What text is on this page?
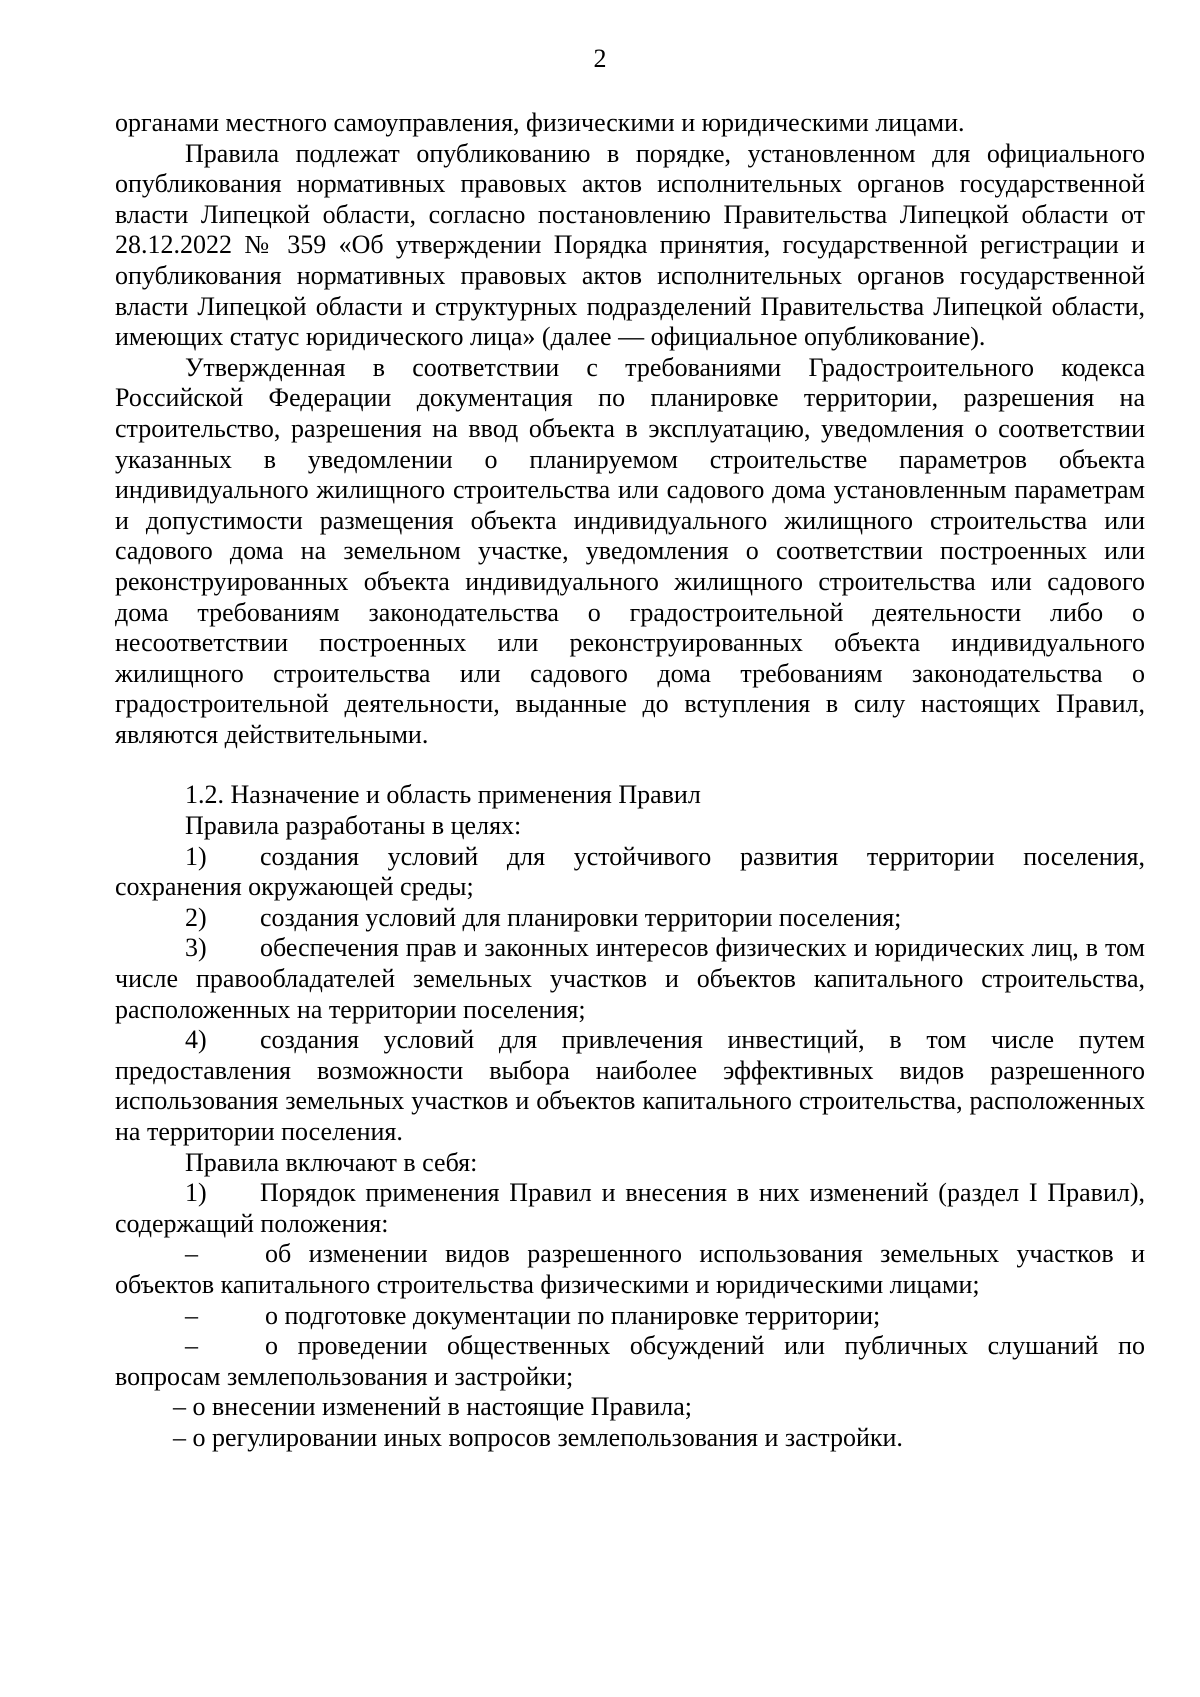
2

органами местного самоуправления, физическими и юридическими лицами.

Правила подлежат опубликованию в порядке, установленном для официального опубликования нормативных правовых актов исполнительных органов государственной власти Липецкой области, согласно постановлению Правительства Липецкой области от 28.12.2022 № 359 «Об утверждении Порядка принятия, государственной регистрации и опубликования нормативных правовых актов исполнительных органов государственной власти Липецкой области и структурных подразделений Правительства Липецкой области, имеющих статус юридического лица» (далее — официальное опубликование).

Утвержденная в соответствии с требованиями Градостроительного кодекса Российской Федерации документация по планировке территории, разрешения на строительство, разрешения на ввод объекта в эксплуатацию, уведомления о соответствии указанных в уведомлении о планируемом строительстве параметров объекта индивидуального жилищного строительства или садового дома установленным параметрам и допустимости размещения объекта индивидуального жилищного строительства или садового дома на земельном участке, уведомления о соответствии построенных или реконструированных объекта индивидуального жилищного строительства или садового дома требованиям законодательства о градостроительной деятельности либо о несоответствии построенных или реконструированных объекта индивидуального жилищного строительства или садового дома требованиям законодательства о градостроительной деятельности, выданные до вступления в силу настоящих Правил, являются действительными.

1.2. Назначение и область применения Правил

Правила разработаны в целях:

1) создания условий для устойчивого развития территории поселения, сохранения окружающей среды;

2) создания условий для планировки территории поселения;

3) обеспечения прав и законных интересов физических и юридических лиц, в том числе правообладателей земельных участков и объектов капитального строительства, расположенных на территории поселения;

4) создания условий для привлечения инвестиций, в том числе путем предоставления возможности выбора наиболее эффективных видов разрешенного использования земельных участков и объектов капитального строительства, расположенных на территории поселения.

Правила включают в себя:

1) Порядок применения Правил и внесения в них изменений (раздел I Правил), содержащий положения:

–	об изменении видов разрешенного использования земельных участков и объектов капитального строительства физическими и юридическими лицами;

–	о подготовке документации по планировке территории;

–	о проведении общественных обсуждений или публичных слушаний по вопросам землепользования и застройки;

– о внесении изменений в настоящие Правила;

– о регулировании иных вопросов землепользования и застройки.
